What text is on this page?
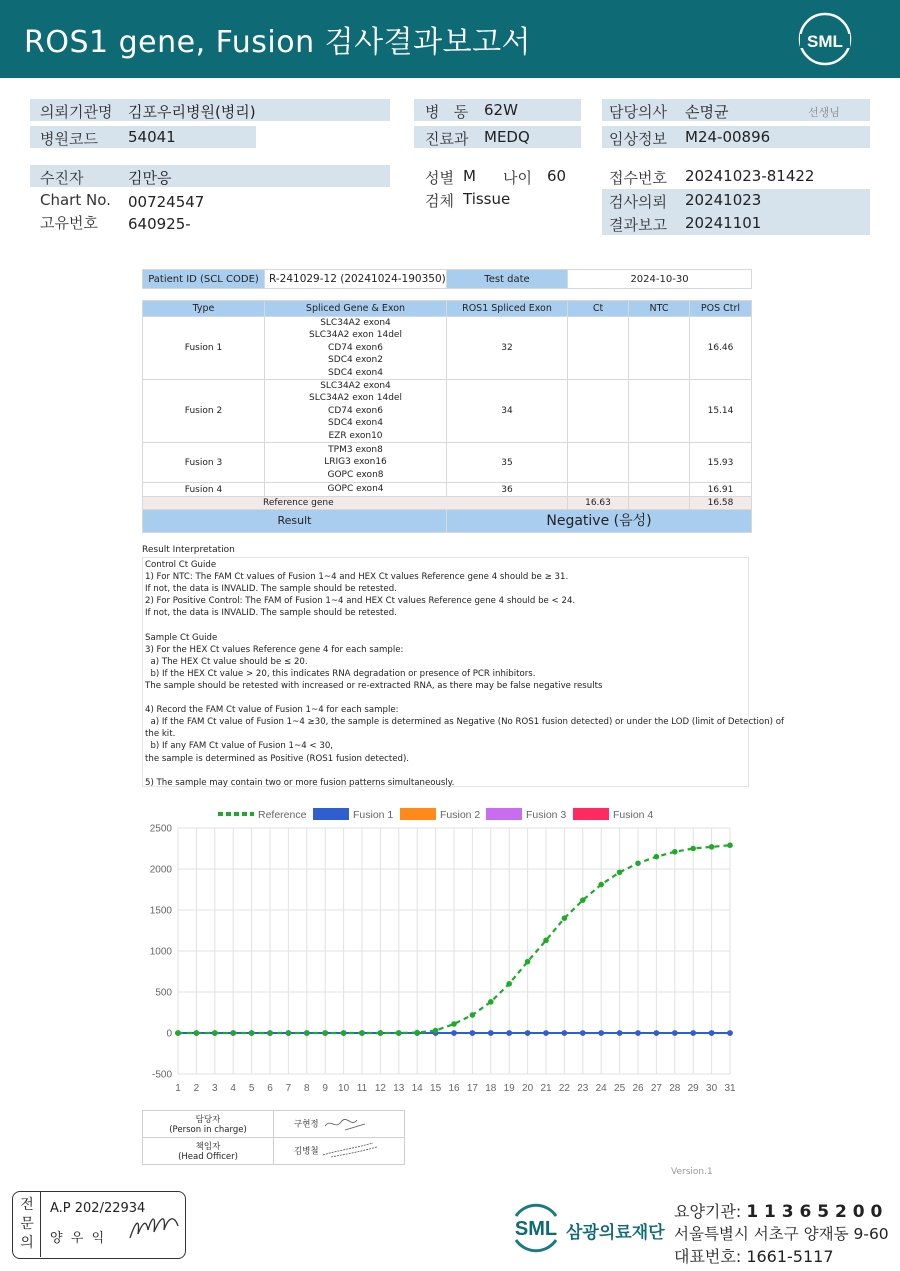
ROS1 gene, Fusion 검사결과보고서	SML
의뢰기관명 김포우리병원(병리)
병원코드 54041
병   동 62W
진료과 MEDQ
담당의사 손명균	선생님
임상정보 M24-00896
수진자	김만응
Chart No. 00724547
고유번호 640925-
성별 M 나이 60
검체 Tissue
접수번호 20241023-81422
검사의뢰 20241023
결과보고 20241101
Patient ID (SCL CODE)	R-241029-12 (20241024-190350)	Test date	2024-10-30
Type	Spliced Gene & Exon	ROS1 Spliced Exon	Ct	NTC	POS Ctrl
Fusion 1	SLC34A2 exon4
SLC34A2 exon 14del
CD74 exon6
SDC4 exon2
SDC4 exon4	32			16.46
Fusion 2	SLC34A2 exon4
SLC34A2 exon 14del
CD74 exon6
SDC4 exon4
EZR exon10	34			15.14
Fusion 3	TPM3 exon8
LRIG3 exon16
GOPC exon8	35			15.93
Fusion 4	GOPC exon4	36			16.91
Reference gene			16.63		16.58
Result		Negative (음성)			
Result Interpretation
Control Ct Guide
1) For NTC: The FAM Ct values of Fusion 1~4 and HEX Ct values Reference gene 4 should be ≥ 31.
If not, the data is INVALID. The sample should be retested.
2) For Positive Control: The FAM of Fusion 1~4 and HEX Ct values Reference gene 4 should be < 24.
If not, the data is INVALID. The sample should be retested.

Sample Ct Guide
3) For the HEX Ct values Reference gene 4 for each sample:
a) The HEX Ct value should be ≤ 20.
b) If the HEX Ct value > 20, this indicates RNA degradation or presence of PCR inhibitors.
The sample should be retested with increased or re-extracted RNA, as there may be false negative results

4) Record the FAM Ct value of Fusion 1~4 for each sample:
a) If the FAM Ct value of Fusion 1~4 ≥30, the sample is determined as Negative (No ROS1 fusion detected) or under the LOD (limit of Detection) of
the kit.
b) If any FAM Ct value of Fusion 1~4 < 30,
the sample is determined as Positive (ROS1 fusion detected).

5) The sample may contain two or more fusion patterns simultaneously.
-500
0
500
1000
1500
2000
2500
1 2 3 4 5 6 7 8 9 10 11 12 13 14 15 16 17 18 19 20 21 22 23 24 25 26 27 28 29 30 31
Reference	Fusion 1	Fusion 2	Fusion 3	Fusion 4
담당자
(Person in charge)	구현정

책임자
(Head Officer)	김병철
Version.1
전
문
의
A.P 202/22934
양  우  익	SML 삼광의료재단
요양기관: 1 1 3 6 5 2 0 0
서울특별시 서초구 양재동 9-60
대표번호: 1661-5117
